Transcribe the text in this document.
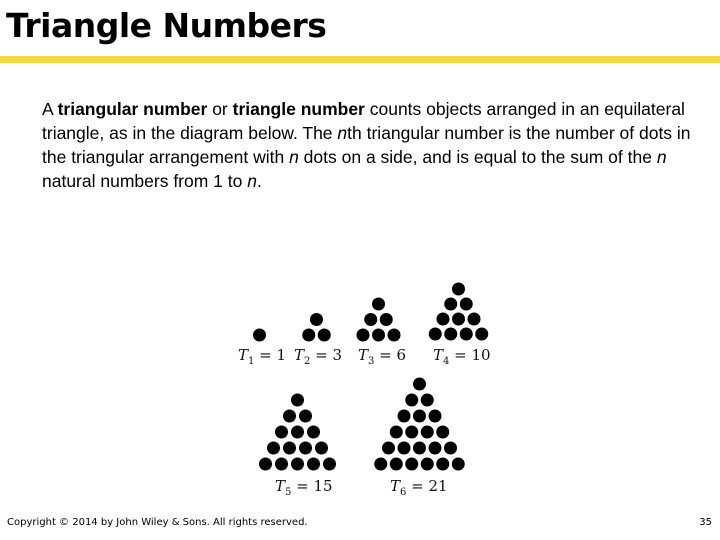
Triangle Numbers

A triangular number or triangle number counts objects arranged in an equilateral triangle, as in the diagram below. The nth triangular number is the number of dots in the triangular arrangement with n dots on a side, and is equal to the sum of the n natural numbers from 1 to n.

$T_1 = 1$ $T_2 = 3$ $T_3 = 6$ $T_4 = 10$
$T_5 = 15$	$T_6 = 21$
Copyright © 2014 by John Wiley & Sons. All rights reserved.	35
